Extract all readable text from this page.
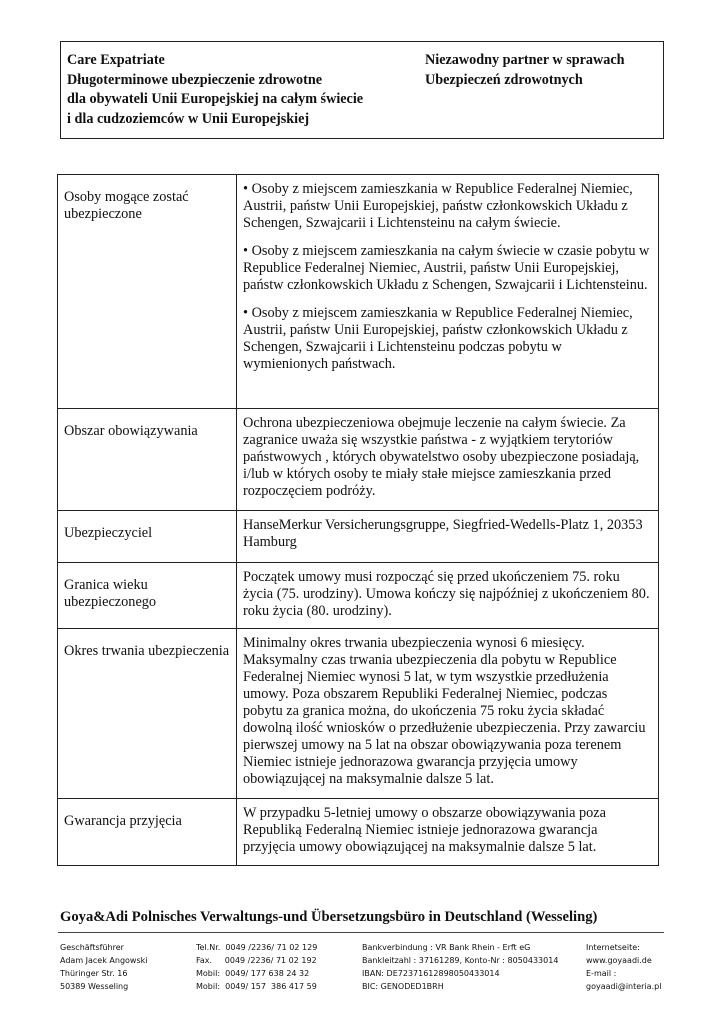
Care Expatriate
Długoterminowe ubezpieczenie zdrowotne
dla obywateli Unii Europejskiej na całym świecie
i dla cudzoziemców w Unii Europejskiej
Niezawodny partner w sprawach
Ubezpieczeń zdrowotnych
Osoby mogące zostać ubezpieczone	• Osoby z miejscem zamieszkania w Republice Federalnej Niemiec, Austrii, państw Unii Europejskiej, państw członkowskich Układu z Schengen, Szwajcarii i Lichtensteinu na całym świecie.
• Osoby z miejscem zamieszkania na całym świecie w czasie pobytu w Republice Federalnej Niemiec, Austrii, państw Unii Europejskiej, państw członkowskich Układu z Schengen, Szwajcarii i Lichtensteinu.
• Osoby z miejscem zamieszkania w Republice Federalnej Niemiec, Austrii, państw Unii Europejskiej, państw członkowskich Układu z Schengen, Szwajcarii i Lichtensteinu podczas pobytu w wymienionych państwach.

Obszar obowiązywania	Ochrona ubezpieczeniowa obejmuje leczenie na całym świecie. Za zagranice uważa się wszystkie państwa - z wyjątkiem terytoriów państwowych , których obywatelstwo osoby ubezpieczone posiadają, i/lub w których osoby te miały stałe miejsce zamieszkania przed rozpoczęciem podróży.
Ubezpieczyciel	HanseMerkur Versicherungsgruppe, Siegfried-Wedells-Platz 1, 20353 Hamburg
Granica wieku ubezpieczonego	Początek umowy musi rozpocząć się przed ukończeniem 75. roku życia (75. urodziny). Umowa kończy się najpóźniej z ukończeniem 80. roku życia (80. urodziny).
Okres trwania ubezpieczenia	Minimalny okres trwania ubezpieczenia wynosi 6 miesięcy. Maksymalny czas trwania ubezpieczenia dla pobytu w Republice Federalnej Niemiec wynosi 5 lat, w tym wszystkie przedłużenia umowy. Poza obszarem Republiki Federalnej Niemiec, podczas pobytu za granica można, do ukończenia 75 roku życia składać dowolną ilość wniosków o przedłużenie ubezpieczenia. Przy zawarciu pierwszej umowy na 5 lat na obszar obowiązywania poza terenem Niemiec istnieje jednorazowa gwarancja przyjęcia umowy obowiązującej na maksymalnie dalsze 5 lat.
Gwarancja przyjęcia	W przypadku 5-letniej umowy o obszarze obowiązywania poza Republiką Federalną Niemiec istnieje jednorazowa gwarancja przyjęcia umowy obowiązującej na maksymalnie dalsze 5 lat.
Goya&Adi Polnisches Verwaltungs-und Übersetzungsbüro in Deutschland (Wesseling)
Geschäftsführer
Adam Jacek Angowski
Thüringer Str. 16
50389 Wesseling
Tel.Nr.  0049 /2236/ 71 02 129
Fax.     0049 /2236/ 71 02 192
Mobil:  0049/ 177 638 24 32
Mobil:  0049/ 157  386 417 59
Bankverbindung : VR Bank Rhein - Erft eG
Bankleitzahl : 37161289, Konto-Nr : 8050433014
IBAN: DE72371612898050433014
BIC: GENODED1BRH
Internetseite:
www.goyaadi.de
E-mail :
goyaadi@interia.pl
